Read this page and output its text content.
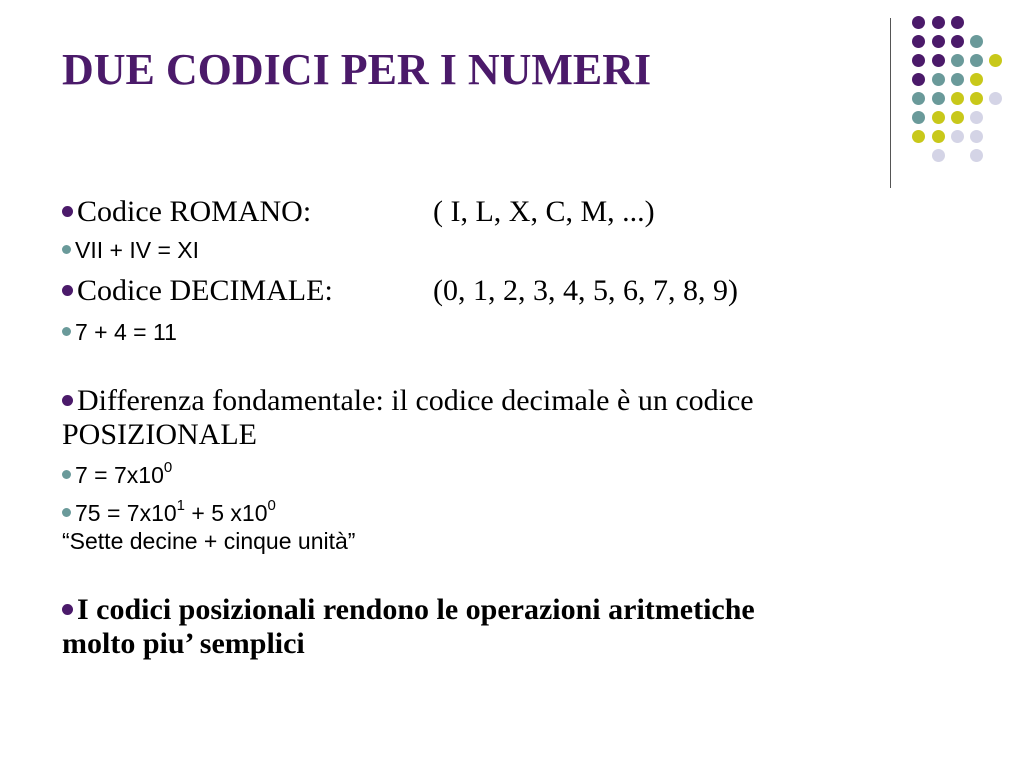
DUE CODICI PER I NUMERI
Codice ROMANO:	( I, L, X, C, M, ...)
VII + IV = XI
Codice DECIMALE:	(0, 1, 2, 3, 4, 5, 6, 7, 8, 9)
7 + 4 = 11
Differenza fondamentale: il codice decimale è un codice
POSIZIONALE
$7 = 7x10^0$
$75 = 7x10^1 + 5$ $x10^0$
“Sette decine + cinque unità”
I codici posizionali rendono le operazioni aritmetiche
molto piu’ semplici
